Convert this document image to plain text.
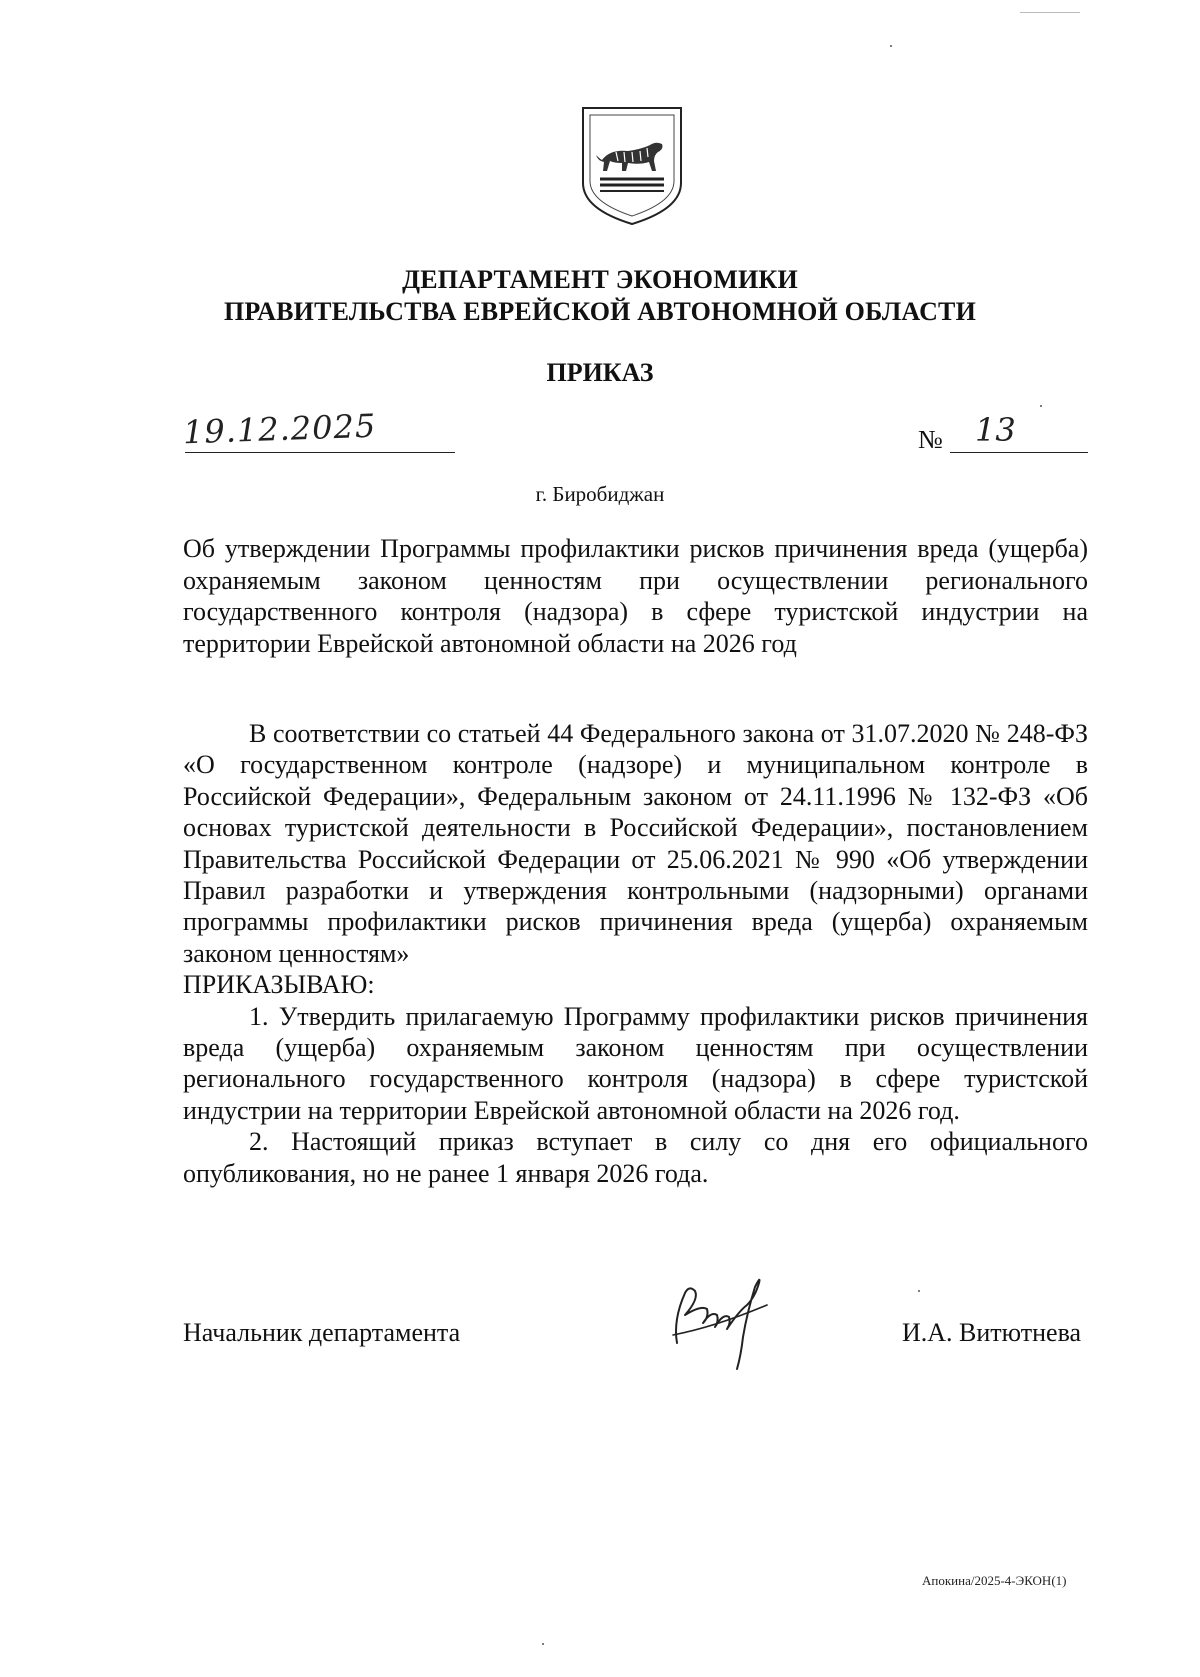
ДЕПАРТАМЕНТ ЭКОНОМИКИ
ПРАВИТЕЛЬСТВА ЕВРЕЙСКОЙ АВТОНОМНОЙ ОБЛАСТИ
ПРИКАЗ
19.12.2025	№ 13
г. Биробиджан
Об утверждении Программы профилактики рисков причинения вреда (ущерба) охраняемым законом ценностям при осуществлении регионального государственного контроля (надзора) в сфере туристской индустрии на территории Еврейской автономной области на 2026 год

В соответствии со статьей 44 Федерального закона от 31.07.2020 № 248-ФЗ «О государственном контроле (надзоре) и муниципальном контроле в Российской Федерации», Федеральным законом от 24.11.1996 № 132-ФЗ «Об основах туристской деятельности в Российской Федерации», постановлением Правительства Российской Федерации от 25.06.2021 № 990 «Об утверждении Правил разработки и утверждения контрольными (надзорными) органами программы профилактики рисков причинения вреда (ущерба) охраняемым законом ценностям»

ПРИКАЗЫВАЮ:

1. Утвердить прилагаемую Программу профилактики рисков причинения вреда (ущерба) охраняемым законом ценностям при осуществлении регионального государственного контроля (надзора) в сфере туристской индустрии на территории Еврейской автономной области на 2026 год.

2. Настоящий приказ вступает в силу со дня его официального опубликования, но не ранее 1 января 2026 года.

Начальник департамента	И.А. Витютнева
Апокина/2025-4-ЭКОН(1)
